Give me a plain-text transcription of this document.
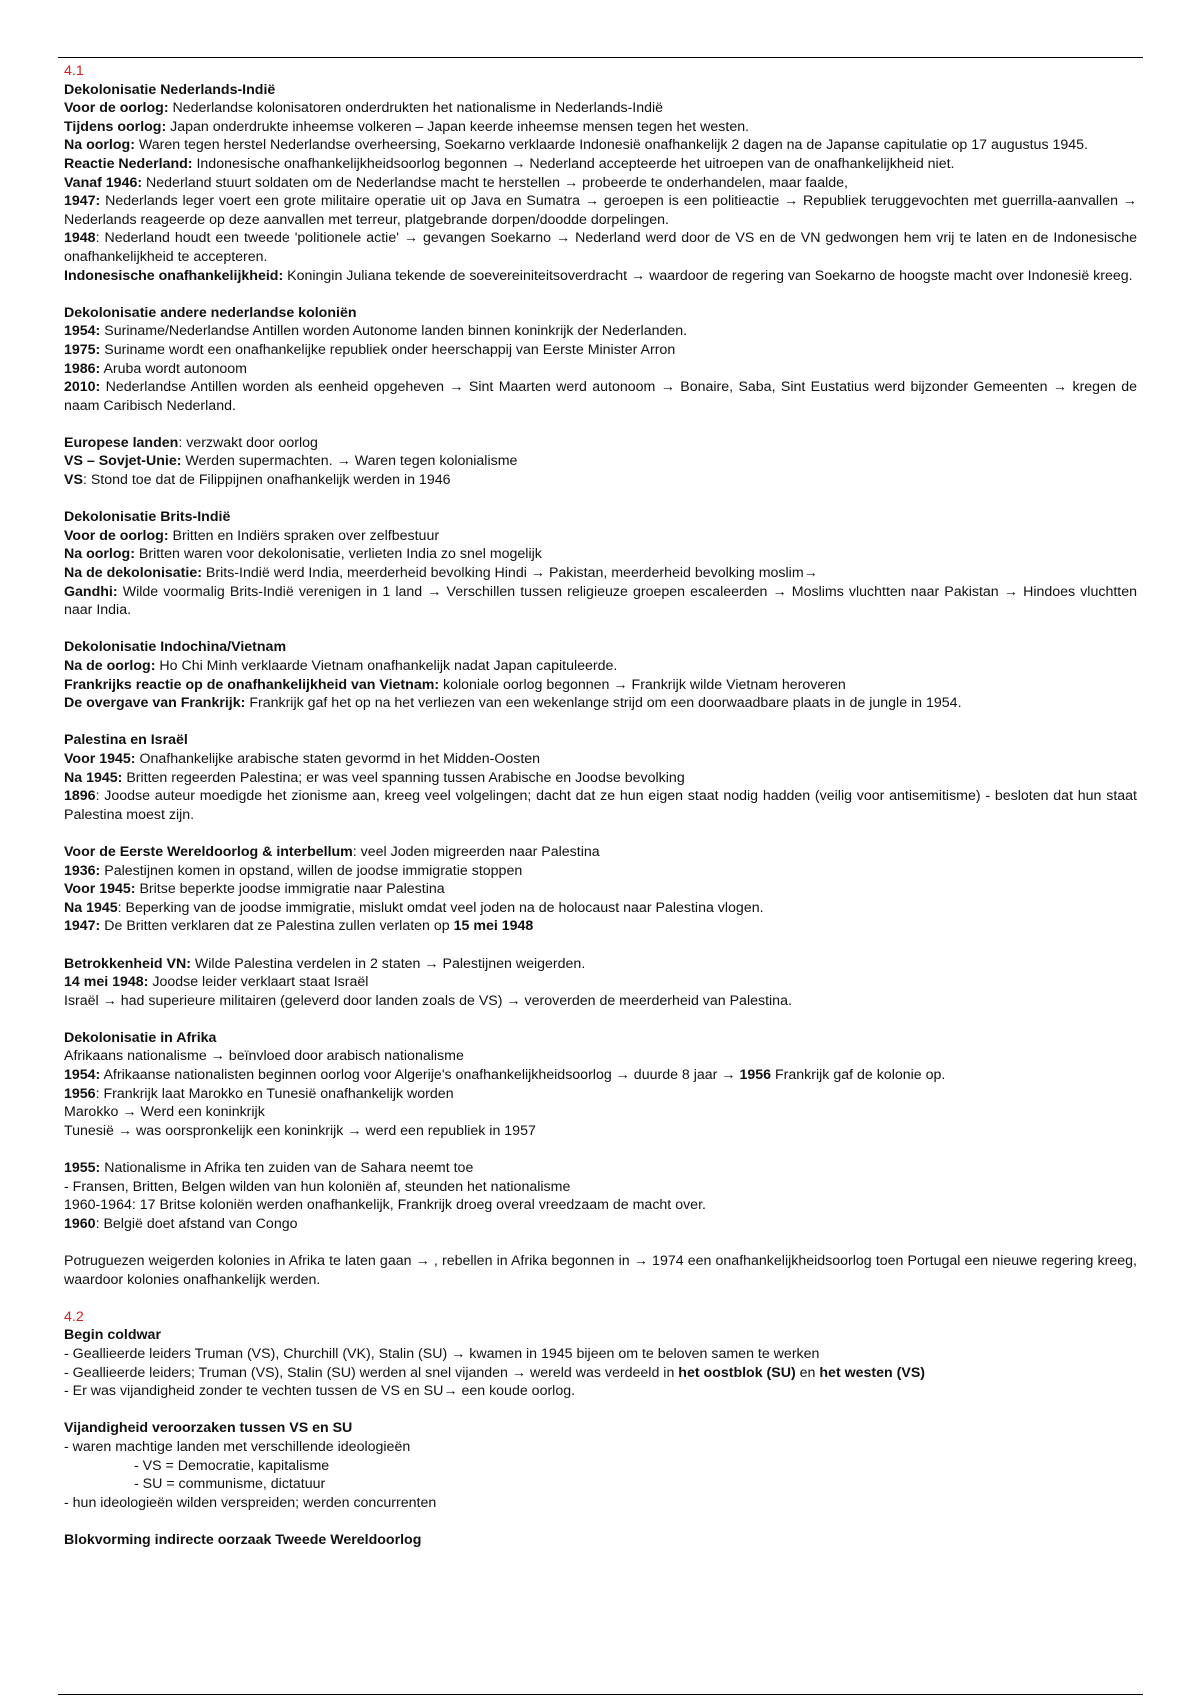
4.1
Dekolonisatie Nederlands-Indië
Voor de oorlog: Nederlandse kolonisatoren onderdrukten het nationalisme in Nederlands-Indië
Tijdens oorlog: Japan onderdrukte inheemse volkeren – Japan keerde inheemse mensen tegen het westen.
Na oorlog: Waren tegen herstel Nederlandse overheersing, Soekarno verklaarde Indonesië onafhankelijk 2 dagen na de Japanse capitulatie op 17 augustus 1945.
Reactie Nederland: Indonesische onafhankelijkheidsoorlog begonnen → Nederland accepteerde het uitroepen van de onafhankelijkheid niet.
Vanaf 1946: Nederland stuurt soldaten om de Nederlandse macht te herstellen → probeerde te onderhandelen, maar faalde,
1947: Nederlands leger voert een grote militaire operatie uit op Java en Sumatra → geroepen is een politieactie → Republiek teruggevochten met guerrilla-aanvallen → Nederlands reageerde op deze aanvallen met terreur, platgebrande dorpen/doodde dorpelingen.
1948: Nederland houdt een tweede 'politionele actie' → gevangen Soekarno → Nederland werd door de VS en de VN gedwongen hem vrij te laten en de Indonesische onafhankelijkheid te accepteren.
Indonesische onafhankelijkheid: Koningin Juliana tekende de soevereiniteitsoverdracht → waardoor de regering van Soekarno de hoogste macht over Indonesië kreeg.
Dekolonisatie andere nederlandse koloniën
1954: Suriname/Nederlandse Antillen worden Autonome landen binnen koninkrijk der Nederlanden.
1975: Suriname wordt een onafhankelijke republiek onder heerschappij van Eerste Minister Arron
1986: Aruba wordt autonoom
2010: Nederlandse Antillen worden als eenheid opgeheven → Sint Maarten werd autonoom → Bonaire, Saba, Sint Eustatius werd bijzonder Gemeenten → kregen de naam Caribisch Nederland.
Europese landen: verzwakt door oorlog
VS – Sovjet-Unie: Werden supermachten. → Waren tegen kolonialisme
VS: Stond toe dat de Filippijnen onafhankelijk werden in 1946
Dekolonisatie Brits-Indië
Voor de oorlog: Britten en Indiërs spraken over zelfbestuur
Na oorlog: Britten waren voor dekolonisatie, verlieten India zo snel mogelijk
Na de dekolonisatie: Brits-Indië werd India, meerderheid bevolking Hindi → Pakistan, meerderheid bevolking moslim→
Gandhi: Wilde voormalig Brits-Indië verenigen in 1 land → Verschillen tussen religieuze groepen escaleerden → Moslims vluchtten naar Pakistan → Hindoes vluchtten naar India.
Dekolonisatie Indochina/Vietnam
Na de oorlog: Ho Chi Minh verklaarde Vietnam onafhankelijk nadat Japan capituleerde.
Frankrijks reactie op de onafhankelijkheid van Vietnam: koloniale oorlog begonnen → Frankrijk wilde Vietnam heroveren
De overgave van Frankrijk: Frankrijk gaf het op na het verliezen van een wekenlange strijd om een doorwaadbare plaats in de jungle in 1954.
Palestina en Israël
Voor 1945: Onafhankelijke arabische staten gevormd in het Midden-Oosten
Na 1945: Britten regeerden Palestina; er was veel spanning tussen Arabische en Joodse bevolking
1896: Joodse auteur moedigde het zionisme aan, kreeg veel volgelingen; dacht dat ze hun eigen staat nodig hadden (veilig voor antisemitisme) - besloten dat hun staat Palestina moest zijn.
Voor de Eerste Wereldoorlog & interbellum: veel Joden migreerden naar Palestina
1936: Palestijnen komen in opstand, willen de joodse immigratie stoppen
Voor 1945: Britse beperkte joodse immigratie naar Palestina
Na 1945: Beperking van de joodse immigratie, mislukt omdat veel joden na de holocaust naar Palestina vlogen.
1947: De Britten verklaren dat ze Palestina zullen verlaten op 15 mei 1948
Betrokkenheid VN: Wilde Palestina verdelen in 2 staten → Palestijnen weigerden.
14 mei 1948: Joodse leider verklaart staat Israël
Israël → had superieure militairen (geleverd door landen zoals de VS) → veroverden de meerderheid van Palestina.
Dekolonisatie in Afrika
Afrikaans nationalisme → beïnvloed door arabisch nationalisme
1954: Afrikaanse nationalisten beginnen oorlog voor Algerije's onafhankelijkheidsoorlog → duurde 8 jaar → 1956 Frankrijk gaf de kolonie op.
1956: Frankrijk laat Marokko en Tunesië onafhankelijk worden
Marokko → Werd een koninkrijk
Tunesië → was oorspronkelijk een koninkrijk → werd een republiek in 1957
1955: Nationalisme in Afrika ten zuiden van de Sahara neemt toe
- Fransen, Britten, Belgen wilden van hun koloniën af, steunden het nationalisme
1960-1964: 17 Britse koloniën werden onafhankelijk, Frankrijk droeg overal vreedzaam de macht over.
1960: België doet afstand van Congo
Potruguezen weigerden kolonies in Afrika te laten gaan → , rebellen in Afrika begonnen in → 1974 een onafhankelijkheidsoorlog toen Portugal een nieuwe regering kreeg, waardoor kolonies onafhankelijk werden.
4.2
Begin coldwar
- Geallieerde leiders Truman (VS), Churchill (VK), Stalin (SU) → kwamen in 1945 bijeen om te beloven samen te werken
- Geallieerde leiders; Truman (VS), Stalin (SU) werden al snel vijanden → wereld was verdeeld in het oostblok (SU) en het westen (VS)
- Er was vijandigheid zonder te vechten tussen de VS en SU→ een koude oorlog.
Vijandigheid veroorzaken tussen VS en SU
- waren machtige landen met verschillende ideologieën
- VS = Democratie, kapitalisme
- SU = communisme, dictatuur
- hun ideologieën wilden verspreiden; werden concurrenten
Blokvorming indirecte oorzaak Tweede Wereldoorlog
